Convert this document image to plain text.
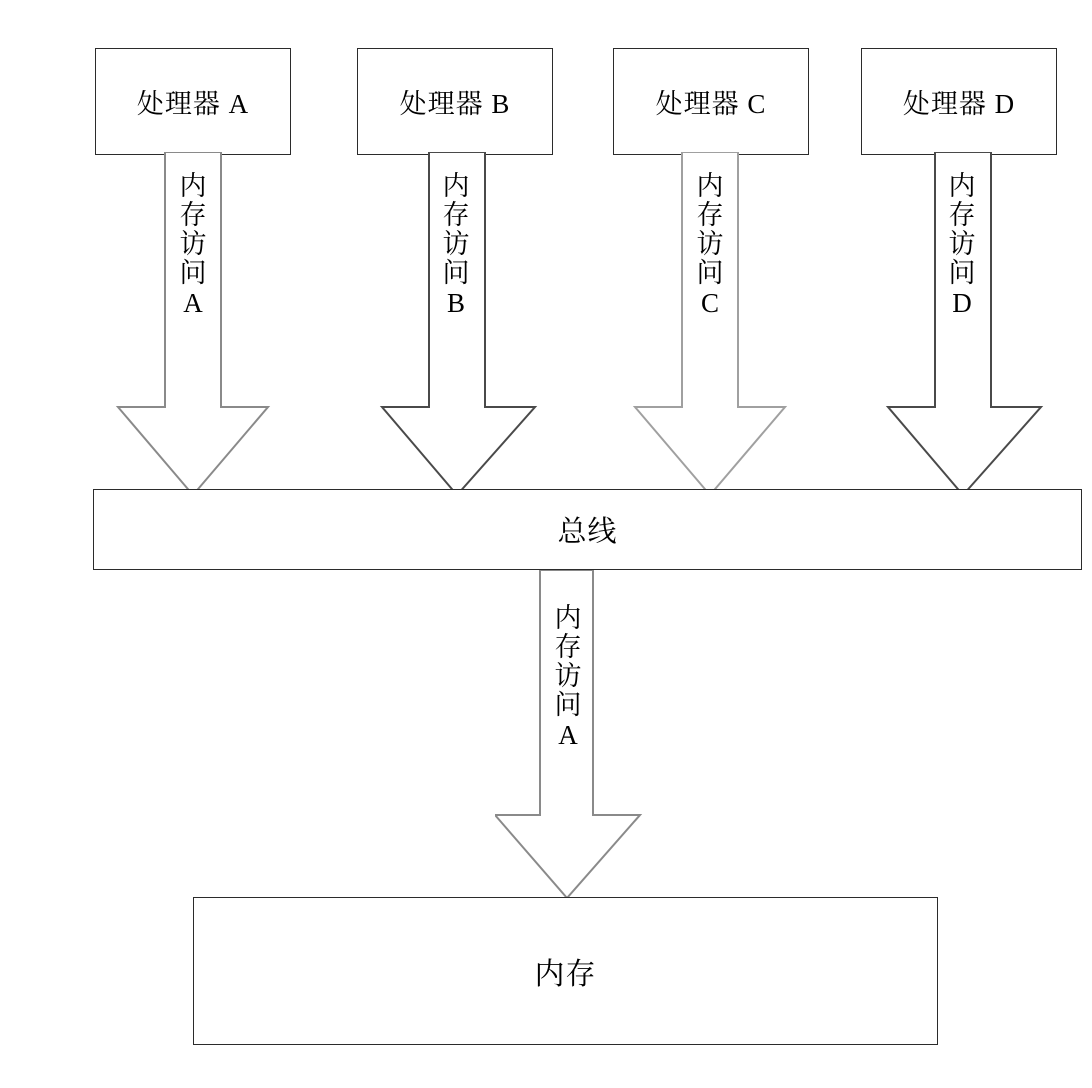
处理器 A	处理器 B	处理器 C	处理器 D
内
存
访
问
A
内
存
访
问
B
内
存
访
问
C
内
存
访
问
D
总线
内
存
访
问
A
内存
